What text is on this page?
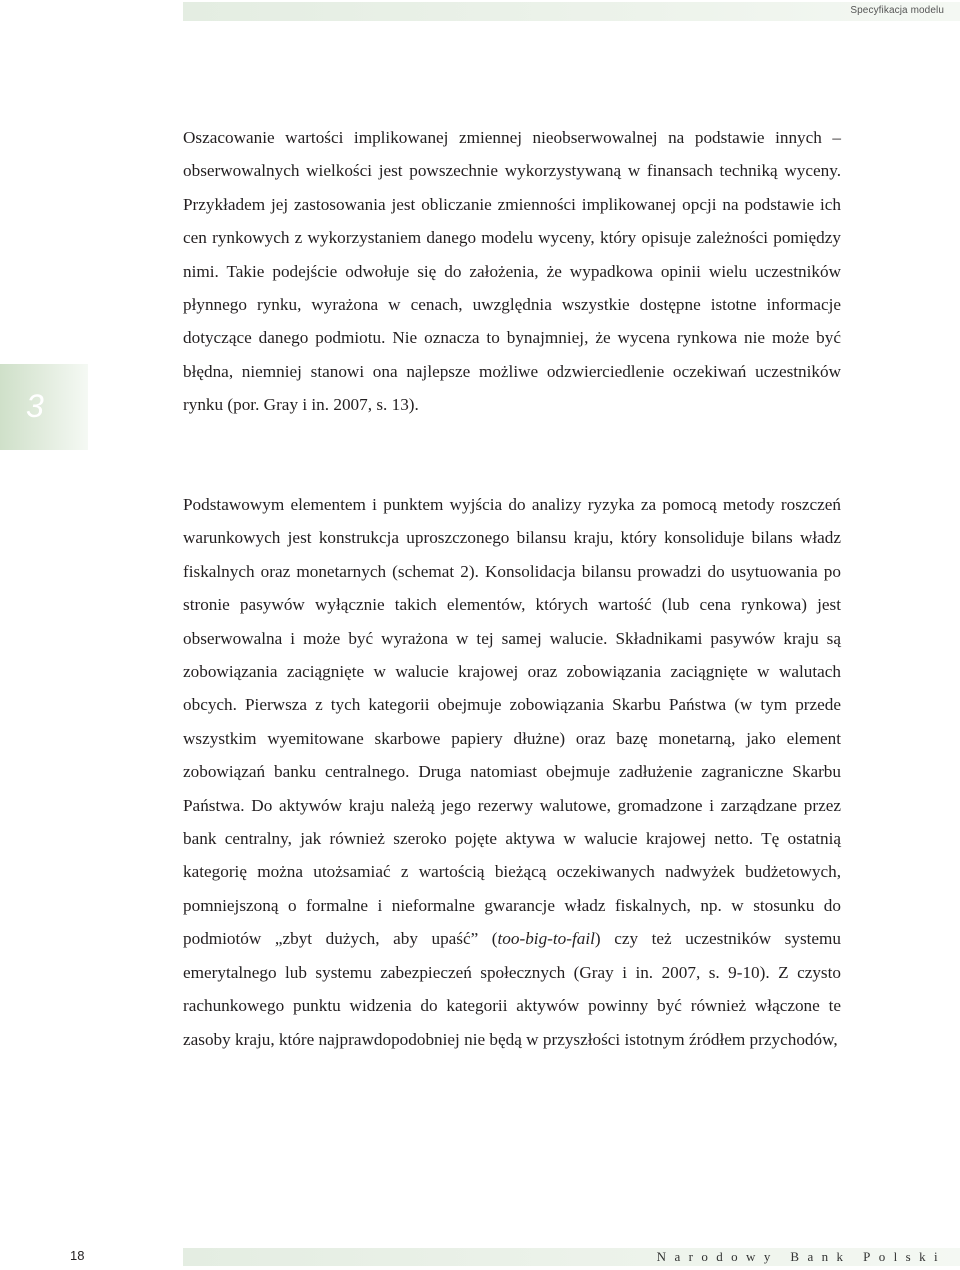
Specyfikacja modelu
3

Oszacowanie wartości implikowanej zmiennej nieobserwowalnej na podstawie innych – obserwowalnych wielkości jest powszechnie wykorzystywaną w finansach techniką wyceny. Przykładem jej zastosowania jest obliczanie zmienności implikowanej opcji na podstawie ich cen rynkowych z wykorzystaniem danego modelu wyceny, który opisuje zależności pomiędzy nimi. Takie podejście odwołuje się do założenia, że wypadkowa opinii wielu uczestników płynnego rynku, wyrażona w cenach, uwzględnia wszystkie dostępne istotne informacje dotyczące danego podmiotu. Nie oznacza to bynajmniej, że wycena rynkowa nie może być błędna, niemniej stanowi ona najlepsze możliwe odzwierciedlenie oczekiwań uczestników rynku (por. Gray i in. 2007, s. 13).

Podstawowym elementem i punktem wyjścia do analizy ryzyka za pomocą metody roszczeń warunkowych jest konstrukcja uproszczonego bilansu kraju, który konsoliduje bilans władz fiskalnych oraz monetarnych (schemat 2). Konsolidacja bilansu prowadzi do usytuowania po stronie pasywów wyłącznie takich elementów, których wartość (lub cena rynkowa) jest obserwowalna i może być wyrażona w tej samej walucie. Składnikami pasywów kraju są zobowiązania zaciągnięte w walucie krajowej oraz zobowiązania zaciągnięte w walutach obcych. Pierwsza z tych kategorii obejmuje zobowiązania Skarbu Państwa (w tym przede wszystkim wyemitowane skarbowe papiery dłużne) oraz bazę monetarną, jako element zobowiązań banku centralnego. Druga natomiast obejmuje zadłużenie zagraniczne Skarbu Państwa. Do aktywów kraju należą jego rezerwy walutowe, gromadzone i zarządzane przez bank centralny, jak również szeroko pojęte aktywa w walucie krajowej netto. Tę ostatnią kategorię można utożsamiać z wartością bieżącą oczekiwanych nadwyżek budżetowych, pomniejszoną o formalne i nieformalne gwarancje władz fiskalnych, np. w stosunku do podmiotów „zbyt dużych, aby upaść” (too-big-to-fail) czy też uczestników systemu emerytalnego lub systemu zabezpieczeń społecznych (Gray i in. 2007, s. 9-10). Z czysto rachunkowego punktu widzenia do kategorii aktywów powinny być również włączone te zasoby kraju, które najprawdopodobniej nie będą w przyszłości istotnym źródłem przychodów,

18	Narodowy Bank Polski
